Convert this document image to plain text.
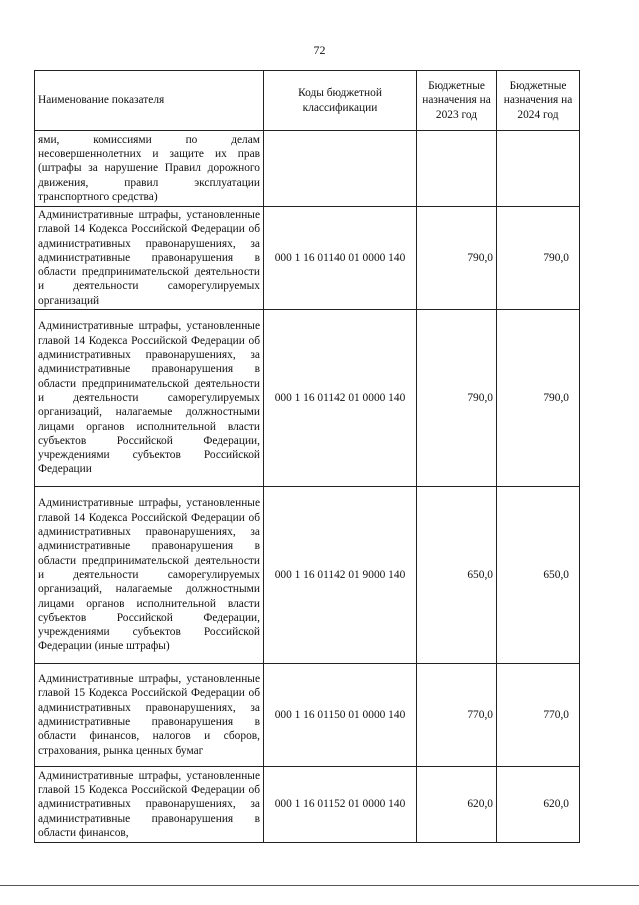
72
Наименование показателя	Коды бюджетной классификации	Бюджетные назначения на 2023 год	Бюджетные назначения на 2024 год
ями, комиссиями по делам несовершеннолетних и защите их прав (штрафы за нарушение Правил дорожного движения, правил эксплуатации транспортного средства)			
Административные штрафы, установленные главой 14 Кодекса Российской Федерации об административных правонарушениях, за административные правонарушения в области предпринимательской деятельности и деятельности саморегулируемых организаций	000 1 16 01140 01 0000 140	790,0	790,0
Административные штрафы, установленные главой 14 Кодекса Российской Федерации об административных правонарушениях, за административные правонарушения в области предпринимательской деятельности и деятельности саморегулируемых организаций, налагаемые должностными лицами органов исполнительной власти субъектов Российской Федерации, учреждениями субъектов Российской Федерации	000 1 16 01142 01 0000 140	790,0	790,0
Административные штрафы, установленные главой 14 Кодекса Российской Федерации об административных правонарушениях, за административные правонарушения в области предпринимательской деятельности и деятельности саморегулируемых организаций, налагаемые должностными лицами органов исполнительной власти субъектов Российской Федерации, учреждениями субъектов Российской Федерации (иные штрафы)	000 1 16 01142 01 9000 140	650,0	650,0
Административные штрафы, установленные главой 15 Кодекса Российской Федерации об административных правонарушениях, за административные правонарушения в области финансов, налогов и сборов, страхования, рынка ценных бумаг	000 1 16 01150 01 0000 140	770,0	770,0
Административные штрафы, установленные главой 15 Кодекса Российской Федерации об административных правонарушениях, за административные правонарушения в области финансов,	000 1 16 01152 01 0000 140	620,0	620,0
